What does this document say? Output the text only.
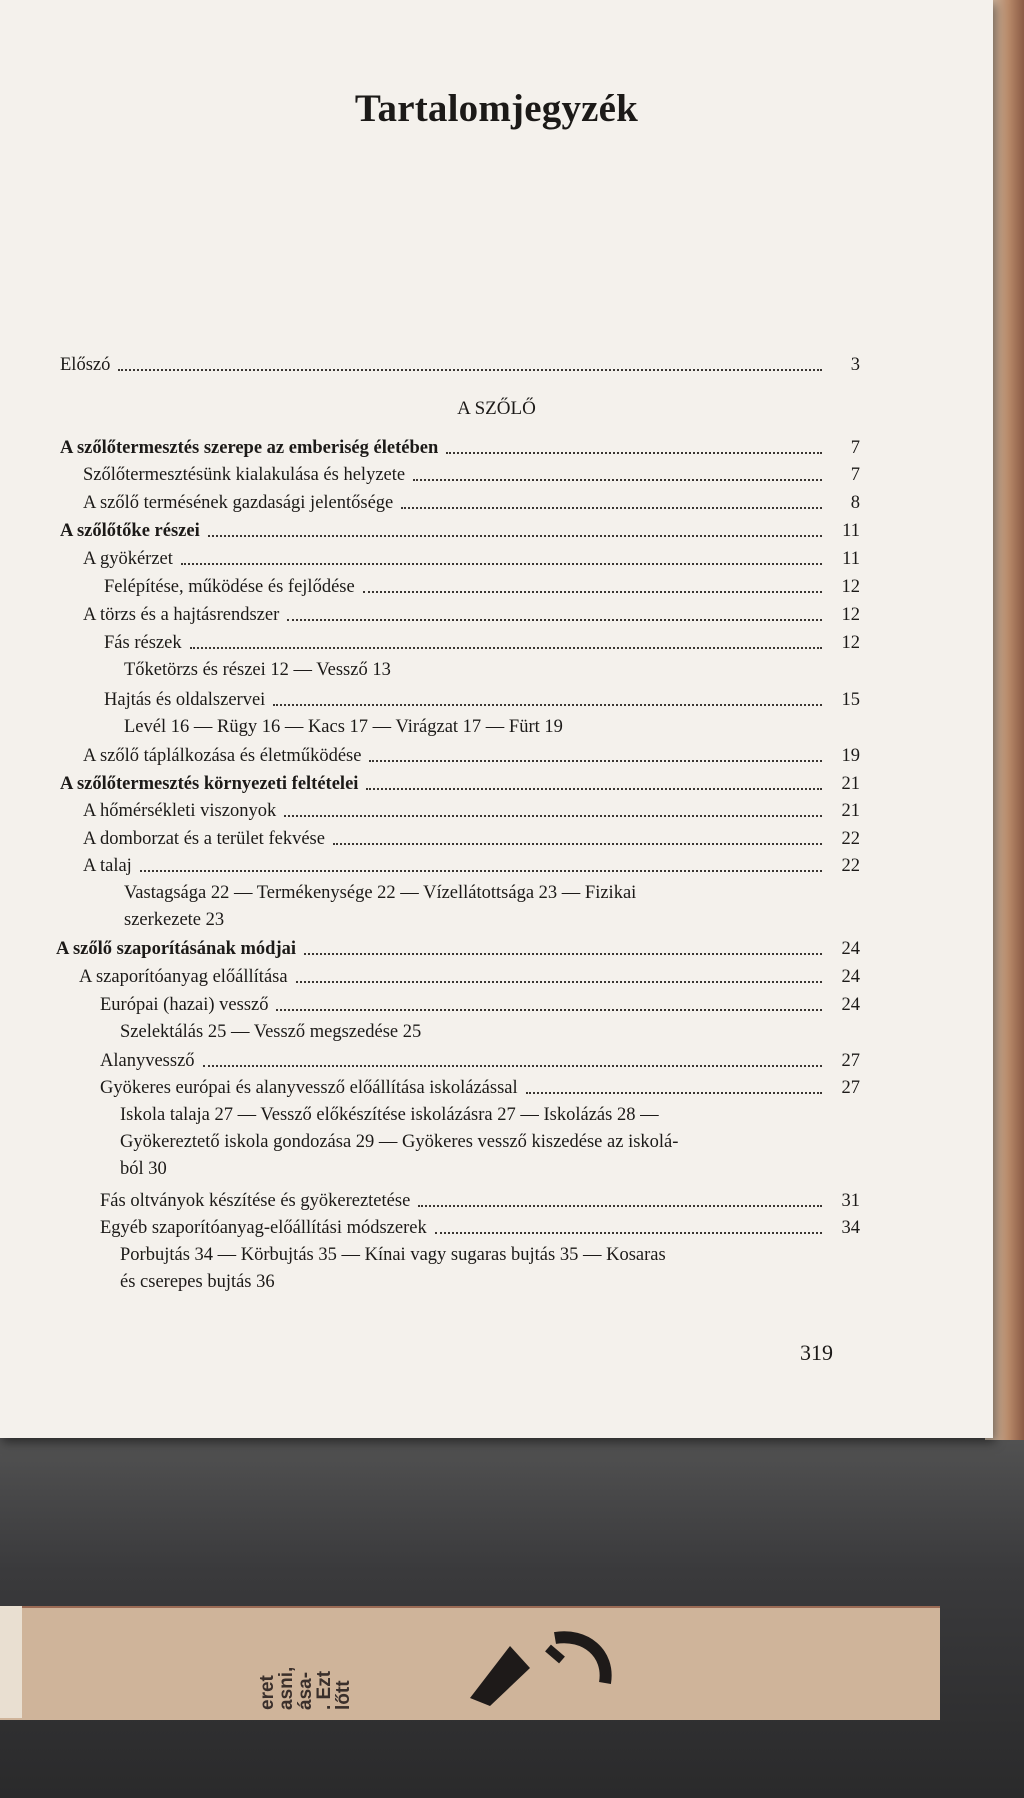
Tartalomjegyzék
Előszó	3
A SZŐLŐ
A szőlőtermesztés szerepe az emberiség életében	7
Szőlőtermesztésünk kialakulása és helyzete	7
A szőlő termésének gazdasági jelentősége	8
A szőlőtőke részei	11
A gyökérzet	11
Felépítése, működése és fejlődése	12
A törzs és a hajtásrendszer	12
Fás részek	12
Tőketörzs és részei 12 — Vessző 13
Hajtás és oldalszervei	15
Levél 16 — Rügy 16 — Kacs 17 — Virágzat 17 — Fürt 19
A szőlő táplálkozása és életműködése	19
A szőlőtermesztés környezeti feltételei	21
A hőmérsékleti viszonyok	21
A domborzat és a terület fekvése	22
A talaj	22
Vastagsága 22 — Termékenysége 22 — Vízellátottsága 23 — Fizikai
szerkezete 23
A szőlő szaporításának módjai	24
A szaporítóanyag előállítása	24
Európai (hazai) vessző	24
Szelektálás 25 — Vessző megszedése 25
Alanyvessző	27
Gyökeres európai és alanyvessző előállítása iskolázással	27
Iskola talaja 27 — Vessző előkészítése iskolázásra 27 — Iskolázás 28 —
Gyökereztető iskola gondozása 29 — Gyökeres vessző kiszedése az iskolá-
ból 30
Fás oltványok készítése és gyökereztetése	31
Egyéb szaporítóanyag-előállítási módszerek	34
Porbujtás 34 — Körbujtás 35 — Kínai vagy sugaras bujtás 35 — Kosaras
és cserepes bujtás 36
319
eret
asni,
ása-
. Ezt
lőtt
